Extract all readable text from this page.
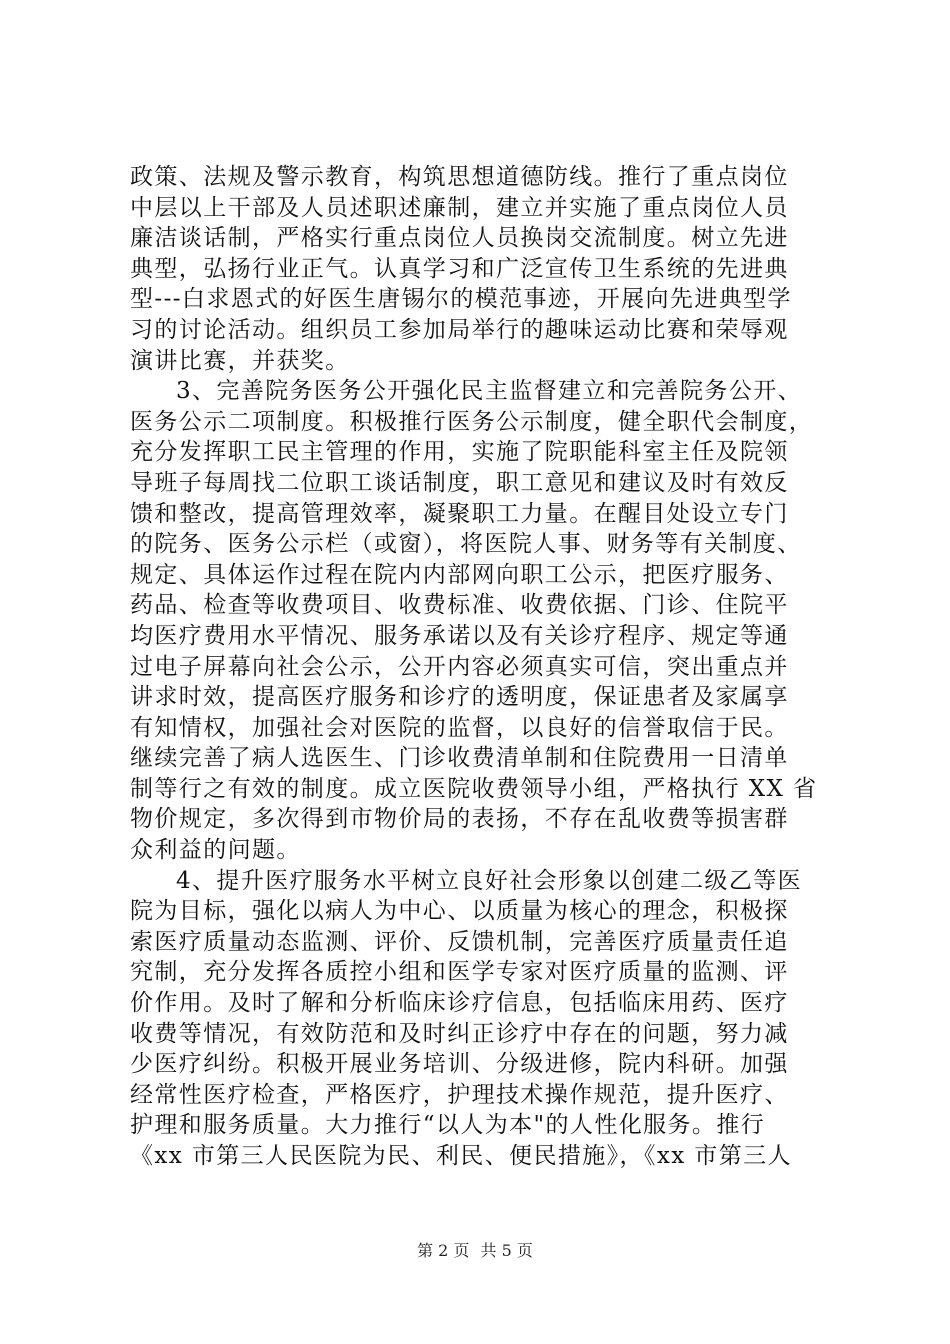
政策、法规及警示教育，构筑思想道德防线。推行了重点岗位
中层以上干部及人员述职述廉制，建立并实施了重点岗位人员
廉洁谈话制，严格实行重点岗位人员换岗交流制度。树立先进
典型，弘扬行业正气。认真学习和广泛宣传卫生系统的先进典
型---白求恩式的好医生唐锡尔的模范事迹，开展向先进典型学
习的讨论活动。组织员工参加局举行的趣味运动比赛和荣辱观
演讲比赛，并获奖。
3、完善院务医务公开强化民主监督建立和完善院务公开、
医务公示二项制度。积极推行医务公示制度，健全职代会制度，
充分发挥职工民主管理的作用，实施了院职能科室主任及院领
导班子每周找二位职工谈话制度，职工意见和建议及时有效反
馈和整改，提高管理效率，凝聚职工力量。在醒目处设立专门
的院务、医务公示栏（或窗），将医院人事、财务等有关制度、
规定、具体运作过程在院内内部网向职工公示，把医疗服务、
药品、检查等收费项目、收费标准、收费依据、门诊、住院平
均医疗费用水平情况、服务承诺以及有关诊疗程序、规定等通
过电子屏幕向社会公示，公开内容必须真实可信，突出重点并
讲求时效，提高医疗服务和诊疗的透明度，保证患者及家属享
有知情权，加强社会对医院的监督，以良好的信誉取信于民。
继续完善了病人选医生、门诊收费清单制和住院费用一日清单
制等行之有效的制度。成立医院收费领导小组，严格执行 XX 省
物价规定，多次得到市物价局的表扬，不存在乱收费等损害群
众利益的问题。
4、提升医疗服务水平树立良好社会形象以创建二级乙等医
院为目标，强化以病人为中心、以质量为核心的理念，积极探
索医疗质量动态监测、评价、反馈机制，完善医疗质量责任追
究制，充分发挥各质控小组和医学专家对医疗质量的监测、评
价作用。及时了解和分析临床诊疗信息，包括临床用药、医疗
收费等情况，有效防范和及时纠正诊疗中存在的问题，努力减
少医疗纠纷。积极开展业务培训、分级进修，院内科研。加强
经常性医疗检查，严格医疗，护理技术操作规范，提升医疗、
护理和服务质量。大力推行“以人为本"的人性化服务。推行
《xx 市第三人民医院为民、利民、便民措施》，《xx 市第三人
第 2 页 共 5 页
